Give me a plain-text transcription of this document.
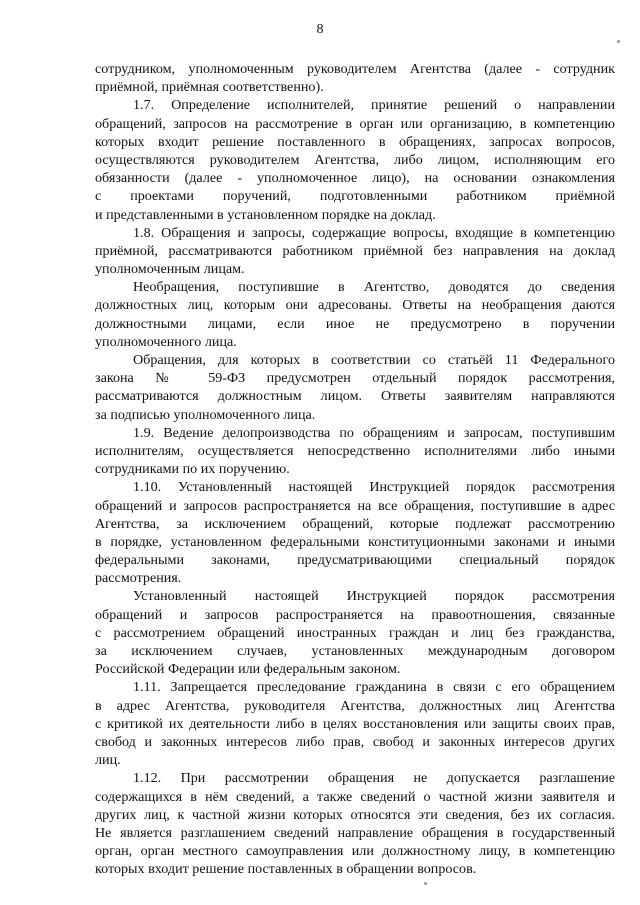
8
сотрудником, уполномоченным руководителем Агентства (далее - сотрудник
приёмной, приёмная соответственно).
1.7. Определение исполнителей, принятие решений о направлении
обращений, запросов на рассмотрение в орган или организацию, в компетенцию
которых входит решение поставленного в обращениях, запросах вопросов,
осуществляются руководителем Агентства, либо лицом, исполняющим его
обязанности (далее - уполномоченное лицо), на основании ознакомления
с проектами поручений, подготовленными работником приёмной
и представленными в установленном порядке на доклад.
1.8. Обращения и запросы, содержащие вопросы, входящие в компетенцию
приёмной, рассматриваются работником приёмной без направления на доклад
уполномоченным лицам.
Необращения, поступившие в Агентство, доводятся до сведения
должностных лиц, которым они адресованы. Ответы на необращения даются
должностными лицами, если иное не предусмотрено в поручении
уполномоченного лица.
Обращения, для которых в соответствии со статьёй 11 Федерального
закона № 59-ФЗ предусмотрен отдельный порядок рассмотрения,
рассматриваются должностным лицом. Ответы заявителям направляются
за подписью уполномоченного лица.
1.9. Ведение делопроизводства по обращениям и запросам, поступившим
исполнителям, осуществляется непосредственно исполнителями либо иными
сотрудниками по их поручению.
1.10. Установленный настоящей Инструкцией порядок рассмотрения
обращений и запросов распространяется на все обращения, поступившие в адрес
Агентства, за исключением обращений, которые подлежат рассмотрению
в порядке, установленном федеральными конституционными законами и иными
федеральными законами, предусматривающими специальный порядок
рассмотрения.
Установленный настоящей Инструкцией порядок рассмотрения
обращений и запросов распространяется на правоотношения, связанные
с рассмотрением обращений иностранных граждан и лиц без гражданства,
за исключением случаев, установленных международным договором
Российской Федерации или федеральным законом.
1.11. Запрещается преследование гражданина в связи с его обращением
в адрес Агентства, руководителя Агентства, должностных лиц Агентства
с критикой их деятельности либо в целях восстановления или защиты своих прав,
свобод и законных интересов либо прав, свобод и законных интересов других
лиц.
1.12. При рассмотрении обращения не допускается разглашение
содержащихся в нём сведений, а также сведений о частной жизни заявителя и
других лиц, к частной жизни которых относятся эти сведения, без их согласия.
Не является разглашением сведений направление обращения в государственный
орган, орган местного самоуправления или должностному лицу, в компетенцию
которых входит решение поставленных в обращении вопросов.
